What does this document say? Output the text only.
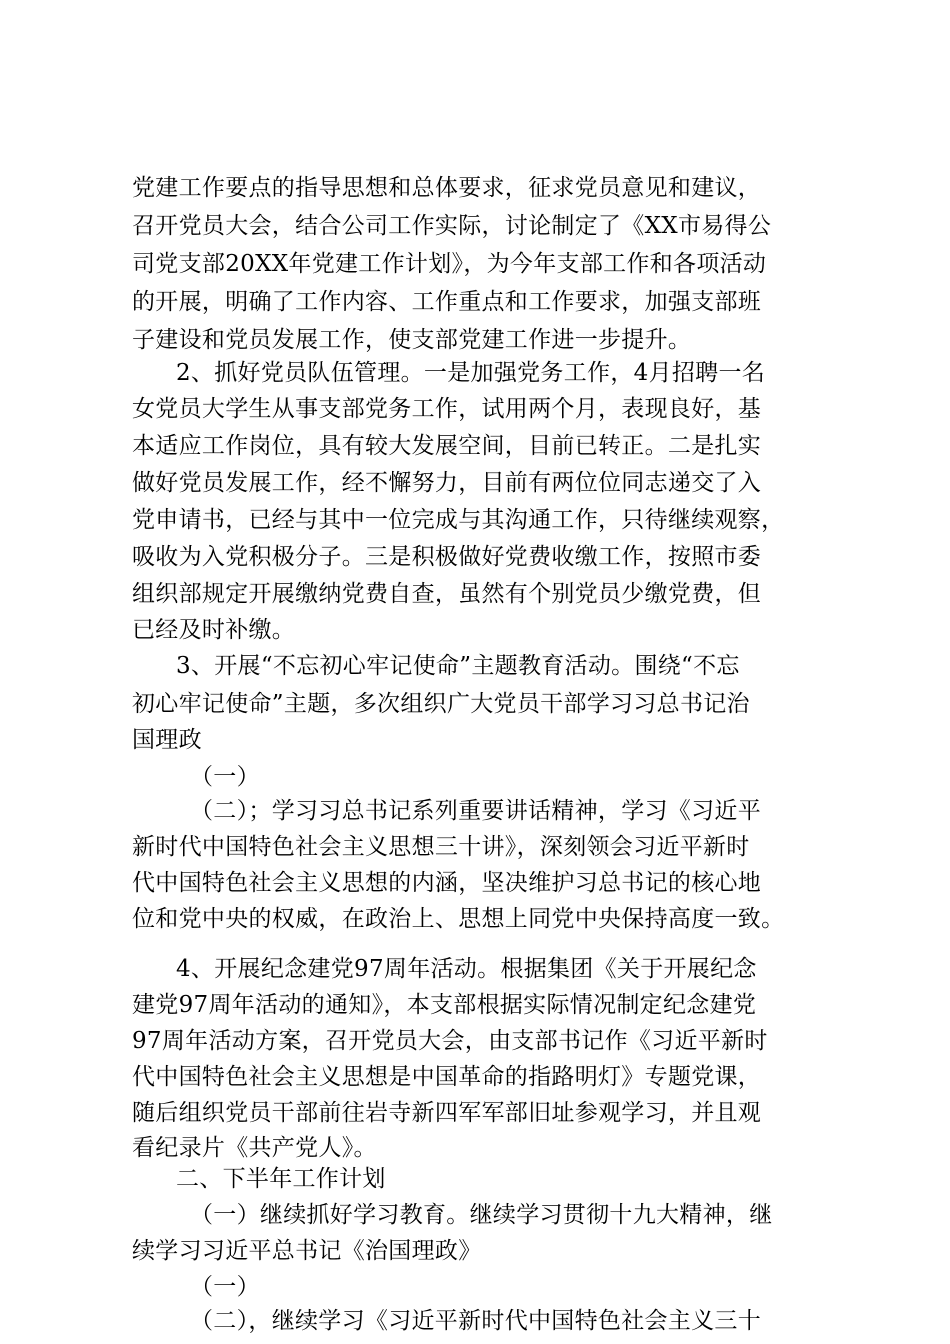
党建工作要点的指导思想和总体要求，征求党员意见和建议，
召开党员大会，结合公司工作实际，讨论制定了《XX市易得公
司党支部20XX年党建工作计划》，为今年支部工作和各项活动
的开展，明确了工作内容、工作重点和工作要求，加强支部班
子建设和党员发展工作，使支部党建工作进一步提升。
2、抓好党员队伍管理。一是加强党务工作，4月招聘一名
女党员大学生从事支部党务工作，试用两个月，表现良好，基
本适应工作岗位，具有较大发展空间，目前已转正。二是扎实
做好党员发展工作，经不懈努力，目前有两位位同志递交了入
党申请书，已经与其中一位完成与其沟通工作，只待继续观察，
吸收为入党积极分子。三是积极做好党费收缴工作，按照市委
组织部规定开展缴纳党费自查，虽然有个别党员少缴党费，但
已经及时补缴。
3、开展“不忘初心牢记使命”主题教育活动。围绕“不忘
初心牢记使命”主题，多次组织广大党员干部学习习总书记治
国理政
（一）
（二）；学习习总书记系列重要讲话精神，学习《习近平
新时代中国特色社会主义思想三十讲》，深刻领会习近平新时
代中国特色社会主义思想的内涵，坚决维护习总书记的核心地
位和党中央的权威，在政治上、思想上同党中央保持高度一致。
4、开展纪念建党97周年活动。根据集团《关于开展纪念
建党97周年活动的通知》，本支部根据实际情况制定纪念建党
97周年活动方案，召开党员大会，由支部书记作《习近平新时
代中国特色社会主义思想是中国革命的指路明灯》专题党课，
随后组织党员干部前往岩寺新四军军部旧址参观学习，并且观
看纪录片《共产党人》。
二、下半年工作计划
（一）继续抓好学习教育。继续学习贯彻十九大精神，继
续学习习近平总书记《治国理政》
（一）
（二），继续学习《习近平新时代中国特色社会主义三十
